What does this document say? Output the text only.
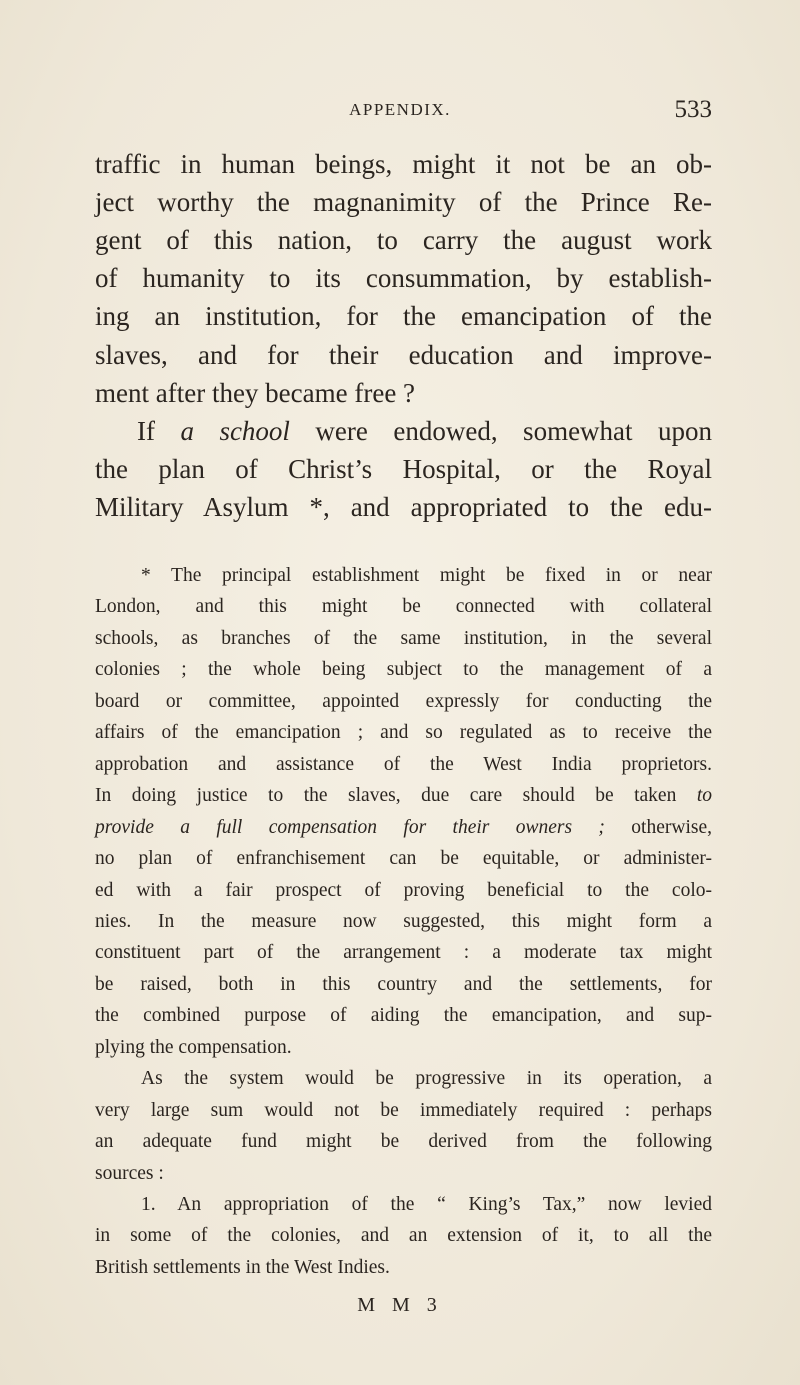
APPENDIX.	533
traffic in human beings, might it not be an ob-
ject worthy the magnanimity of the Prince Re-
gent of this nation, to carry the august work
of humanity to its consummation, by establish-
ing an institution, for the emancipation of the
slaves, and for their education and improve-
ment after they became free ?
If a school were endowed, somewhat upon
the plan of Christ’s Hospital, or the Royal
Military Asylum *, and appropriated to the edu-
* The principal establishment might be fixed in or near
London, and this might be connected with collateral
schools, as branches of the same institution, in the several
colonies ; the whole being subject to the management of a
board or committee, appointed expressly for conducting the
affairs of the emancipation ; and so regulated as to receive the
approbation and assistance of the West India proprietors.
In doing justice to the slaves, due care should be taken to
provide a full compensation for their owners ; otherwise,
no plan of enfranchisement can be equitable, or administer-
ed with a fair prospect of proving beneficial to the colo-
nies. In the measure now suggested, this might form a
constituent part of the arrangement : a moderate tax might
be raised, both in this country and the settlements, for
the combined purpose of aiding the emancipation, and sup-
plying the compensation.
As the system would be progressive in its operation, a
very large sum would not be immediately required : perhaps
an adequate fund might be derived from the following
sources :
1. An appropriation of the “ King’s Tax,” now levied
in some of the colonies, and an extension of it, to all the
British settlements in the West Indies.
M M 3
